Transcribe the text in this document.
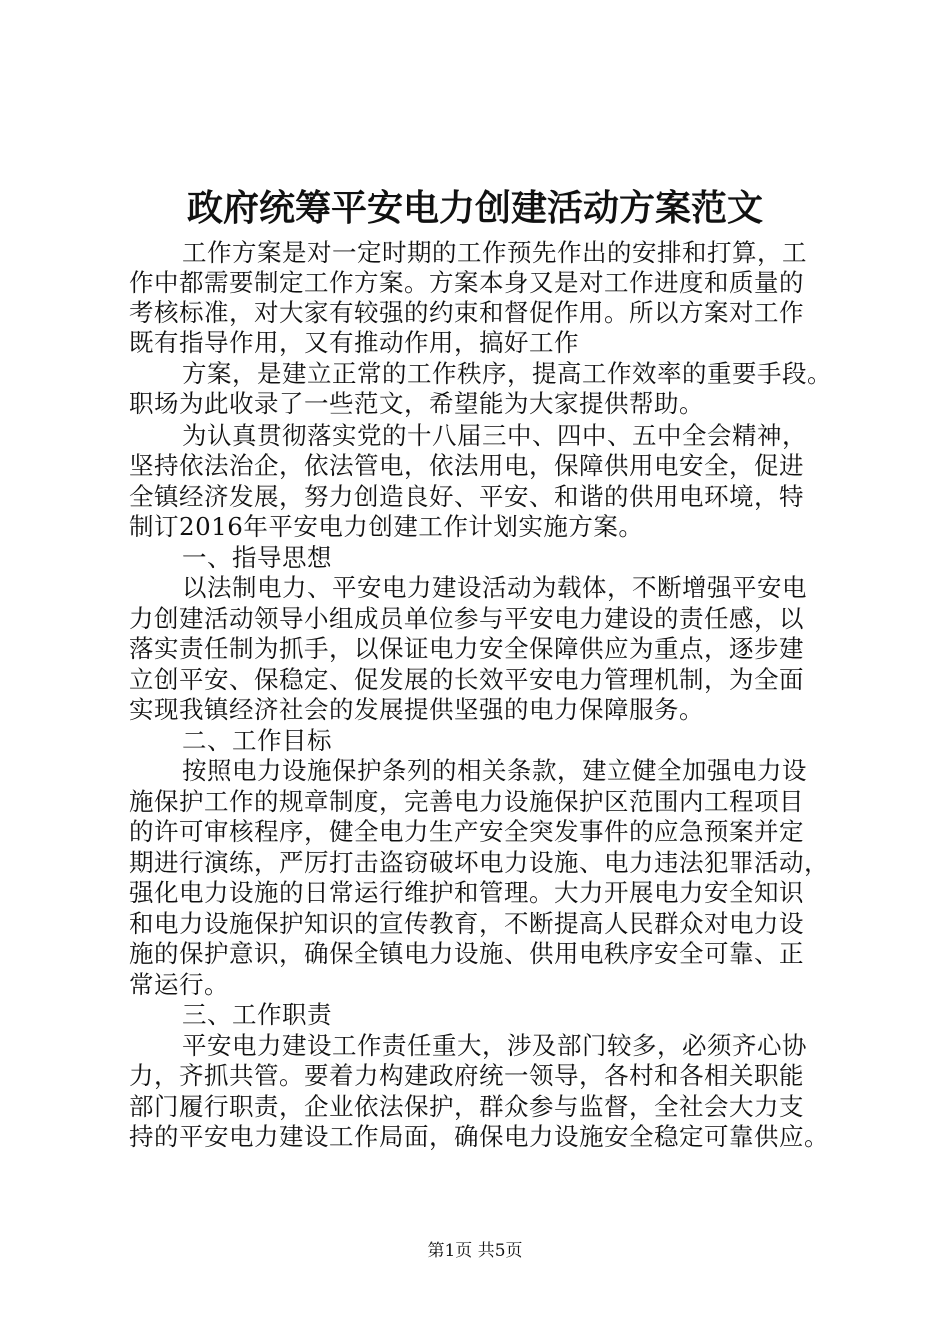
政府统筹平安电力创建活动方案范文
工作方案是对一定时期的工作预先作出的安排和打算，工
作中都需要制定工作方案。方案本身又是对工作进度和质量的
考核标准，对大家有较强的约束和督促作用。所以方案对工作
既有指导作用，又有推动作用，搞好工作
方案，是建立正常的工作秩序，提高工作效率的重要手段。
职场为此收录了一些范文，希望能为大家提供帮助。
为认真贯彻落实党的十八届三中、四中、五中全会精神，
坚持依法治企，依法管电，依法用电，保障供用电安全，促进
全镇经济发展，努力创造良好、平安、和谐的供用电环境，特
制订2016年平安电力创建工作计划实施方案。
一、指导思想
以法制电力、平安电力建设活动为载体，不断增强平安电
力创建活动领导小组成员单位参与平安电力建设的责任感，以
落实责任制为抓手，以保证电力安全保障供应为重点，逐步建
立创平安、保稳定、促发展的长效平安电力管理机制，为全面
实现我镇经济社会的发展提供坚强的电力保障服务。
二、工作目标
按照电力设施保护条列的相关条款，建立健全加强电力设
施保护工作的规章制度，完善电力设施保护区范围内工程项目
的许可审核程序，健全电力生产安全突发事件的应急预案并定
期进行演练，严厉打击盗窃破坏电力设施、电力违法犯罪活动，
强化电力设施的日常运行维护和管理。大力开展电力安全知识
和电力设施保护知识的宣传教育，不断提高人民群众对电力设
施的保护意识，确保全镇电力设施、供用电秩序安全可靠、正
常运行。
三、工作职责
平安电力建设工作责任重大，涉及部门较多，必须齐心协
力，齐抓共管。要着力构建政府统一领导，各村和各相关职能
部门履行职责，企业依法保护，群众参与监督，全社会大力支
持的平安电力建设工作局面，确保电力设施安全稳定可靠供应。
第1页 共5页
